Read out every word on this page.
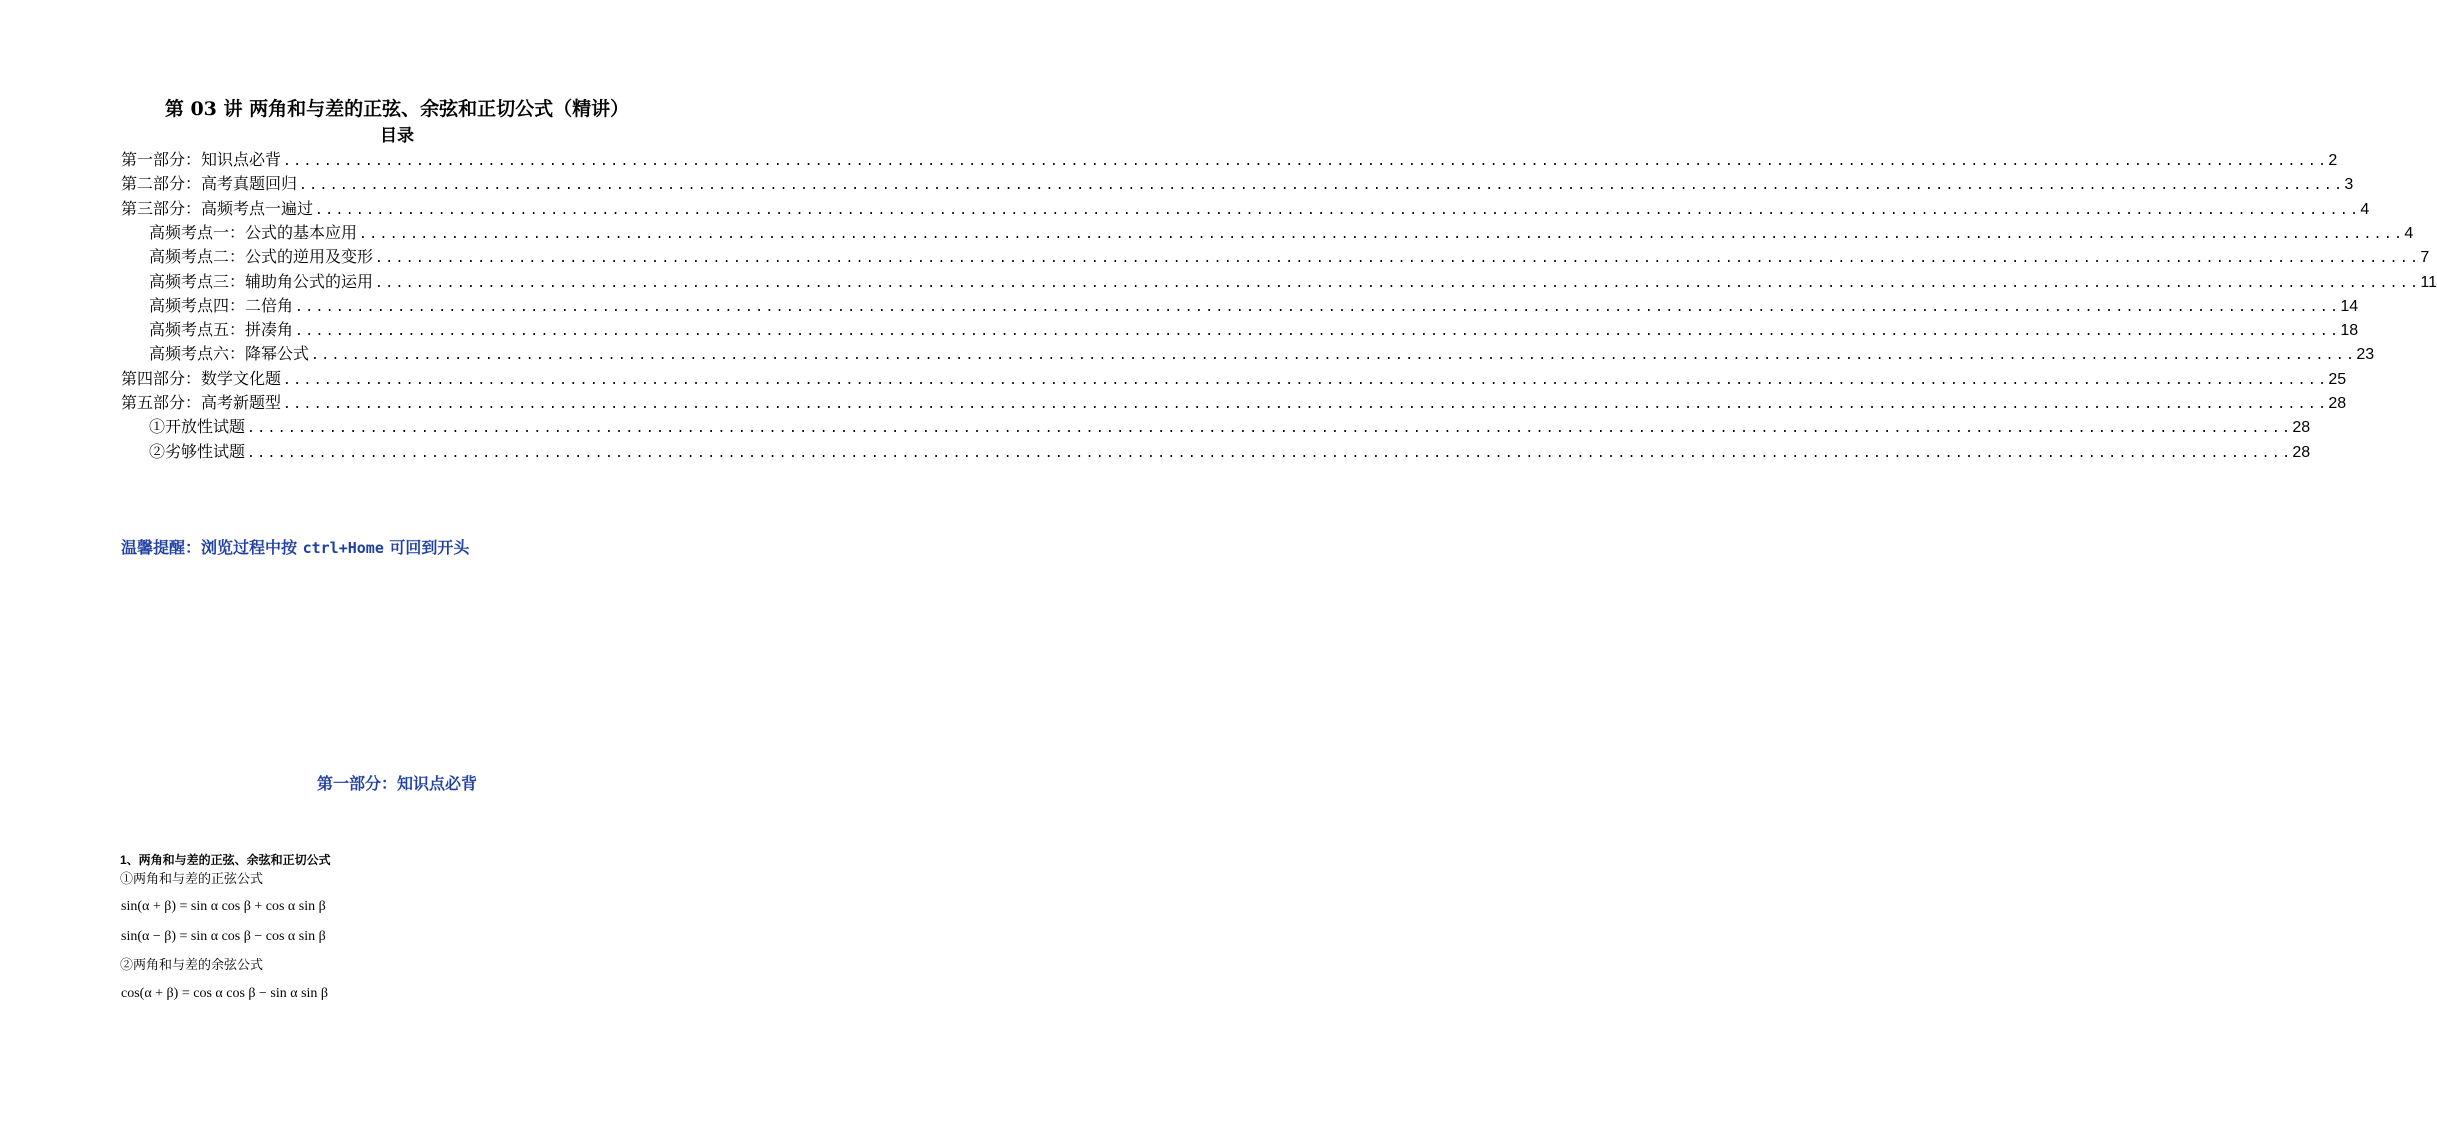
第 03 讲 两角和与差的正弦、余弦和正切公式（精讲）
目录
第一部分：知识点必背 ........................................................................................................................................................................................................ 2
第二部分：高考真题回归 ........................................................................................................................................................................................................ 3
第三部分：高频考点一遍过 ........................................................................................................................................................................................................ 4
高频考点一：公式的基本应用 ........................................................................................................................................................................................................ 4
高频考点二：公式的逆用及变形 ........................................................................................................................................................................................................ 7
高频考点三：辅助角公式的运用 ........................................................................................................................................................................................................ 11
高频考点四：二倍角 ........................................................................................................................................................................................................ 14
高频考点五：拼凑角 ........................................................................................................................................................................................................ 18
高频考点六：降幂公式 ........................................................................................................................................................................................................ 23
第四部分：数学文化题 ........................................................................................................................................................................................................ 25
第五部分：高考新题型 ........................................................................................................................................................................................................ 28
①开放性试题 ........................................................................................................................................................................................................ 28
②劣够性试题 ........................................................................................................................................................................................................ 28
温馨提醒：浏览过程中按 ctrl+Home 可回到开头
第一部分：知识点必背
1、两角和与差的正弦、余弦和正切公式
①两角和与差的正弦公式
sin(α + β) = sin α cos β + cos α sin β
sin(α − β) = sin α cos β − cos α sin β
②两角和与差的余弦公式
cos(α + β) = cos α cos β − sin α sin β
